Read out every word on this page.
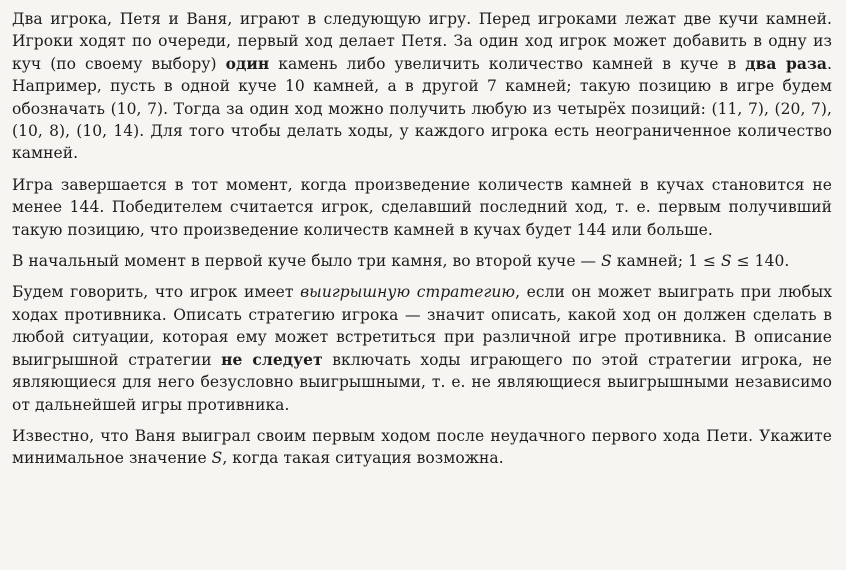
Два игрока, Петя и Ваня, играют в следующую игру. Перед игроками лежат две кучи камней. Игроки ходят по очереди, первый ход делает Петя. За один ход игрок может добавить в одну из куч (по своему выбору) один камень либо увеличить количество камней в куче в два раза. Например, пусть в одной куче 10 камней, а в другой 7 камней; такую позицию в игре будем обозначать (10, 7). Тогда за один ход можно получить любую из четырёх позиций: (11, 7), (20, 7), (10, 8), (10, 14). Для того чтобы делать ходы, у каждого игрока есть неограниченное количество камней.

Игра завершается в тот момент, когда произведение количеств камней в кучах становится не менее 144. Победителем считается игрок, сделавший последний ход, т. е. первым получивший такую позицию, что произведение количеств камней в кучах будет 144 или больше.

В начальный момент в первой куче было три камня, во второй куче — S камней; 1 ≤ S ≤ 140.

Будем говорить, что игрок имеет выигрышную стратегию, если он может выиграть при любых ходах противника. Описать стратегию игрока — значит описать, какой ход он должен сделать в любой ситуации, которая ему может встретиться при различной игре противника. В описание выигрышной стратегии не следует включать ходы играющего по этой стратегии игрока, не являющиеся для него безусловно выигрышными, т. е. не являющиеся выигрышными независимо от дальнейшей игры противника.

Известно, что Ваня выиграл своим первым ходом после неудачного первого хода Пети. Укажите минимальное значение S, когда такая ситуация возможна.
